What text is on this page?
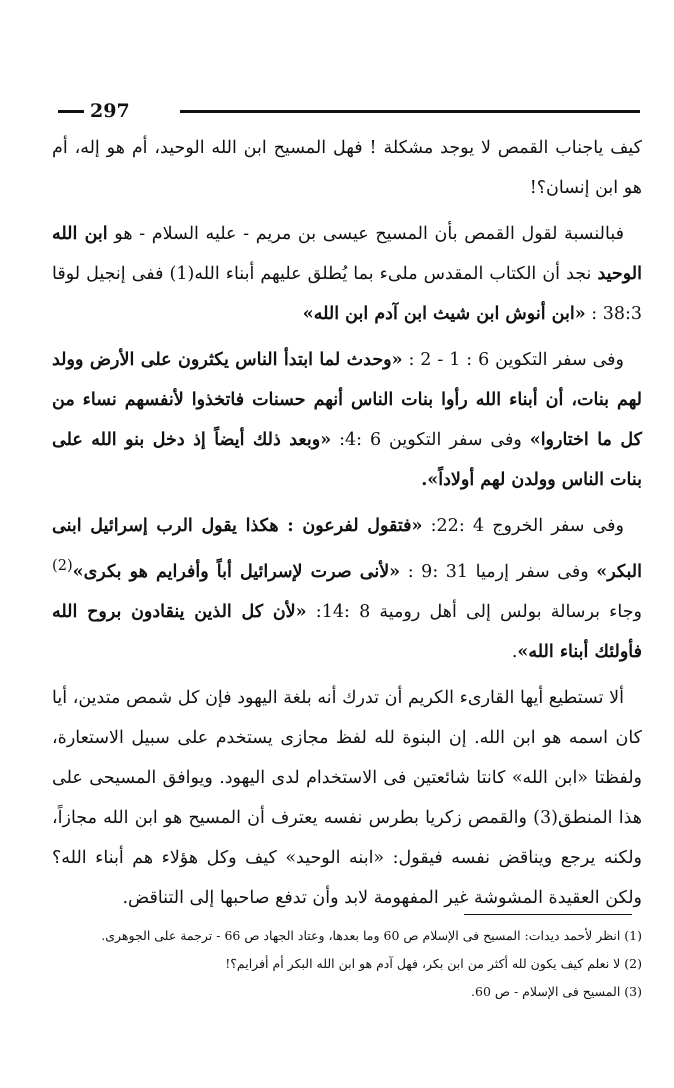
297

كيف ياجناب القمص لا يوجد مشكلة ! فهل المسيح ابن الله الوحيد، أم هو إله، أم هو ابن إنسان؟!

فبالنسبة لقول القمص بأن المسيح عيسى بن مريم - عليه السلام - هو ابن الله الوحيد نجد أن الكتاب المقدس ملىء بما يُطلق عليهم أبناء الله(1) ففى إنجيل لوقا 38:3 : «ابن أنوش ابن شيث ابن آدم ابن الله»

وفى سفر التكوين 6 : 1 - 2 : «وحدث لما ابتدأ الناس يكثرون على الأرض وولد لهم بنات، أن أبناء الله رأوا بنات الناس أنهم حسنات فاتخذوا لأنفسهم نساء من كل ما اختاروا» وفى سفر التكوين 6 :4: «وبعد ذلك أيضاً إذ دخل بنو الله على بنات الناس وولدن لهم أولاداً».

وفى سفر الخروج 4 :22: «فتقول لفرعون : هكذا يقول الرب إسرائيل ابنى البكر» وفى سفر إرميا 31 :9 : «لأنى صرت لإسرائيل أباً وأفرايم هو بكرى»$^{(2)}$ وجاء برسالة بولس إلى أهل رومية 8 :14: «لأن كل الذين ينقادون بروح الله فأولئك أبناء الله».

ألا تستطيع أيها القارىء الكريم أن تدرك أنه بلغة اليهود فإن كل شمص متدين، أيا كان اسمه هو ابن الله. إن البنوة لله لفظ مجازى يستخدم على سبيل الاستعارة، ولفظتا «ابن الله» كانتا شائعتين فى الاستخدام لدى اليهود. ويوافق المسيحى على هذا المنطق(3) والقمص زكريا بطرس نفسه يعترف أن المسيح هو ابن الله مجازاً، ولكنه يرجع ويناقض نفسه فيقول: «ابنه الوحيد» كيف وكل هؤلاء هم أبناء الله؟ ولكن العقيدة المشوشة غير المفهومة لابد وأن تدفع صاحبها إلى التناقض.

(1) انظر لأحمد ديدات: المسيح فى الإسلام ص 60 وما بعدها، وعتاد الجهاد ص 66 - ترجمة على الجوهرى.
(2) لا نعلم كيف يكون لله أكثر من ابن بكر، فهل آدم هو ابن الله البكر أم أفرايم؟!
(3) المسيح فى الإسلام - ص 60.
